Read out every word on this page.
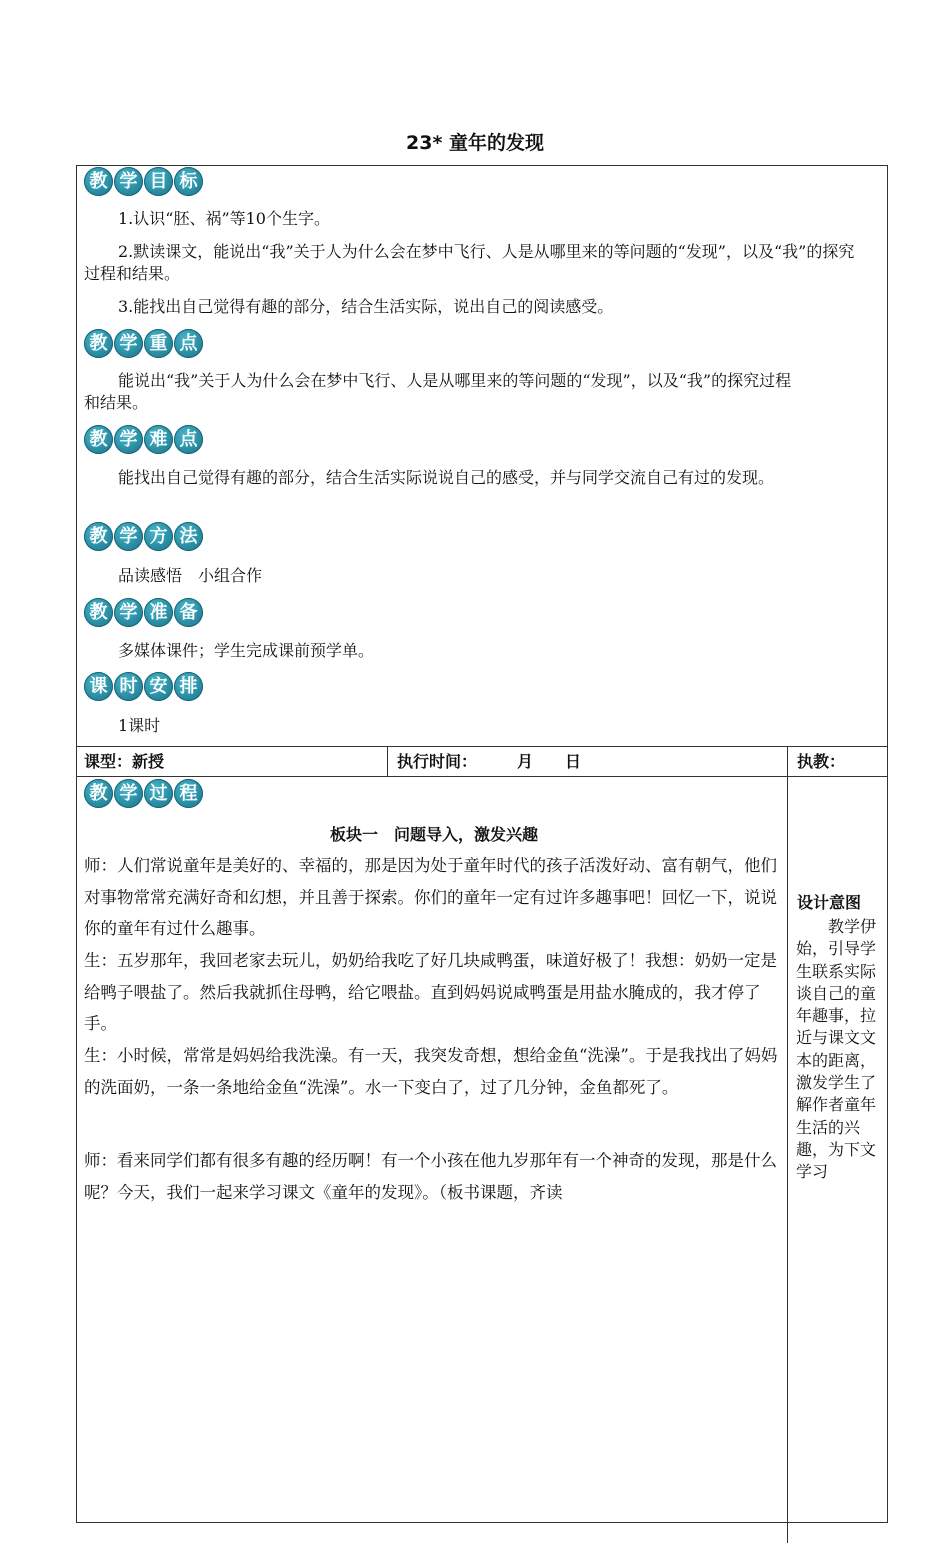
23* 童年的发现
教 学 目 标
1.认识“胚、祸”等10个生字。
2.默读课文，能说出“我”关于人为什么会在梦中飞行、人是从哪里来的等问题的“发现”，以及“我”的探究过程和结果。
3.能找出自己觉得有趣的部分，结合生活实际，说出自己的阅读感受。
教 学 重 点
能说出“我”关于人为什么会在梦中飞行、人是从哪里来的等问题的“发现”，以及“我”的探究过程和结果。
教 学 难 点
能找出自己觉得有趣的部分，结合生活实际说说自己的感受，并与同学交流自己有过的发现。
教 学 方 法
品读感悟　小组合作
教 学 准 备
多媒体课件；学生完成课前预学单。
课 时 安 排
1课时
课型：新授	执行时间：　　　月　　日	执教：
教 学 过 程
板块一　问题导入，激发兴趣
师：人们常说童年是美好的、幸福的，那是因为处于童年时代的孩子活泼好动、富有朝气，他们对事物常常充满好奇和幻想，并且善于探索。你们的童年一定有过许多趣事吧！回忆一下，说说你的童年有过什么趣事。
生：五岁那年，我回老家去玩儿，奶奶给我吃了好几块咸鸭蛋，味道好极了！我想：奶奶一定是给鸭子喂盐了。然后我就抓住母鸭，给它喂盐。直到妈妈说咸鸭蛋是用盐水腌成的，我才停了手。
生：小时候，常常是妈妈给我洗澡。有一天，我突发奇想，想给金鱼“洗澡”。于是我找出了妈妈的洗面奶，一条一条地给金鱼“洗澡”。水一下变白了，过了几分钟，金鱼都死了。
师：看来同学们都有很多有趣的经历啊！有一个小孩在他九岁那年有一个神奇的发现，那是什么呢？今天，我们一起来学习课文《童年的发现》。（板书课题，齐读
设计意图
教学伊始，引导学生联系实际谈自己的童年趣事，拉近与课文文本的距离，激发学生了解作者童年生活的兴趣，为下文学习
